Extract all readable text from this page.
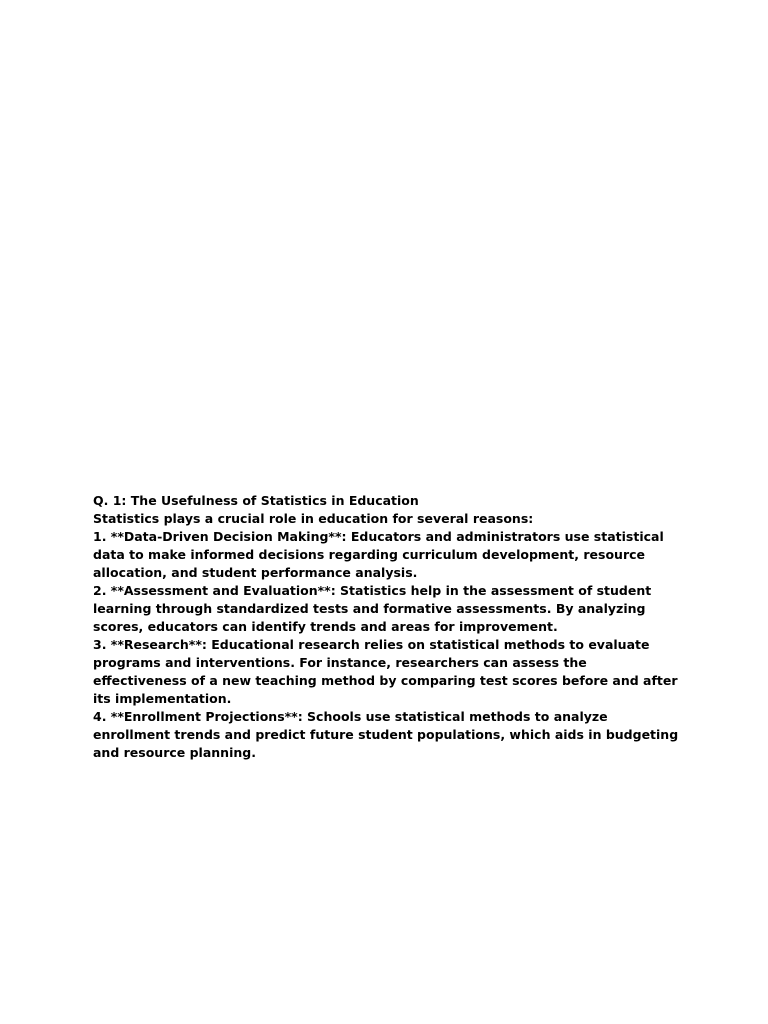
Q. 1: The Usefulness of Statistics in Education

Statistics plays a crucial role in education for several reasons:

1. **Data-Driven Decision Making**: Educators and administrators use statistical data to make informed decisions regarding curriculum development, resource allocation, and student performance analysis.

2. **Assessment and Evaluation**: Statistics help in the assessment of student learning through standardized tests and formative assessments. By analyzing scores, educators can identify trends and areas for improvement.

3. **Research**: Educational research relies on statistical methods to evaluate programs and interventions. For instance, researchers can assess the effectiveness of a new teaching method by comparing test scores before and after its implementation.

4. **Enrollment Projections**: Schools use statistical methods to analyze enrollment trends and predict future student populations, which aids in budgeting and resource planning.
